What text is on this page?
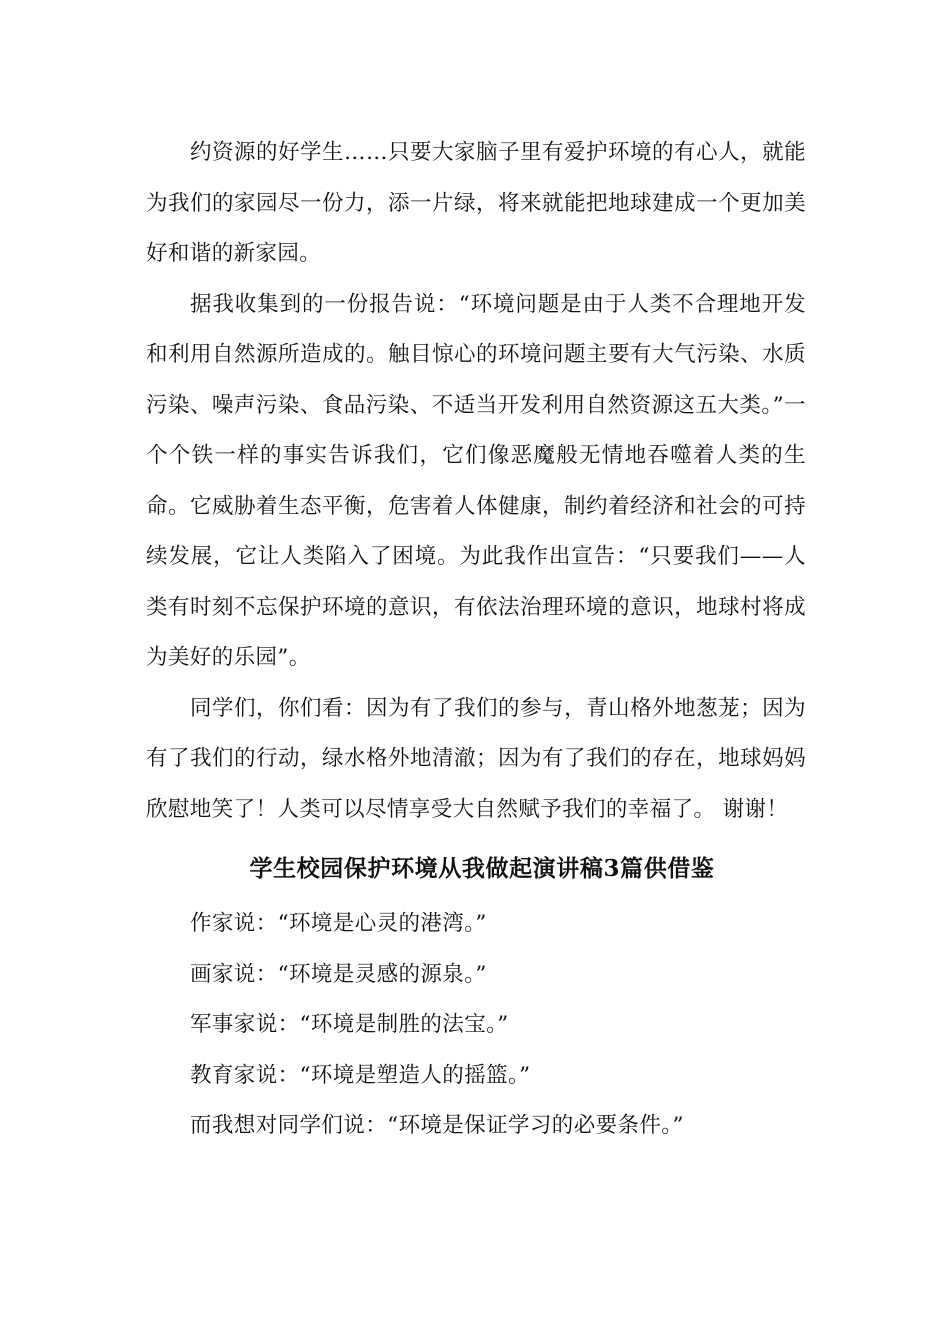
约资源的好学生……只要大家脑子里有爱护环境的有心人，就能为我们的家园尽一份力，添一片绿，将来就能把地球建成一个更加美好和谐的新家园。

据我收集到的一份报告说：“环境问题是由于人类不合理地开发和利用自然源所造成的。触目惊心的环境问题主要有大气污染、水质污染、噪声污染、食品污染、不适当开发利用自然资源这五大类。”一个个铁一样的事实告诉我们，它们像恶魔般无情地吞噬着人类的生命。它威胁着生态平衡，危害着人体健康，制约着经济和社会的可持续发展，它让人类陷入了困境。为此我作出宣告：“只要我们——人类有时刻不忘保护环境的意识，有依法治理环境的意识，地球村将成为美好的乐园”。

同学们，你们看：因为有了我们的参与，青山格外地葱茏；因为有了我们的行动，绿水格外地清澈；因为有了我们的存在，地球妈妈欣慰地笑了！人类可以尽情享受大自然赋予我们的幸福了。 谢谢！

学生校园保护环境从我做起演讲稿3篇供借鉴

作家说：“环境是心灵的港湾。”

画家说：“环境是灵感的源泉。”

军事家说：“环境是制胜的法宝。”

教育家说：“环境是塑造人的摇篮。”

而我想对同学们说：“环境是保证学习的必要条件。”
